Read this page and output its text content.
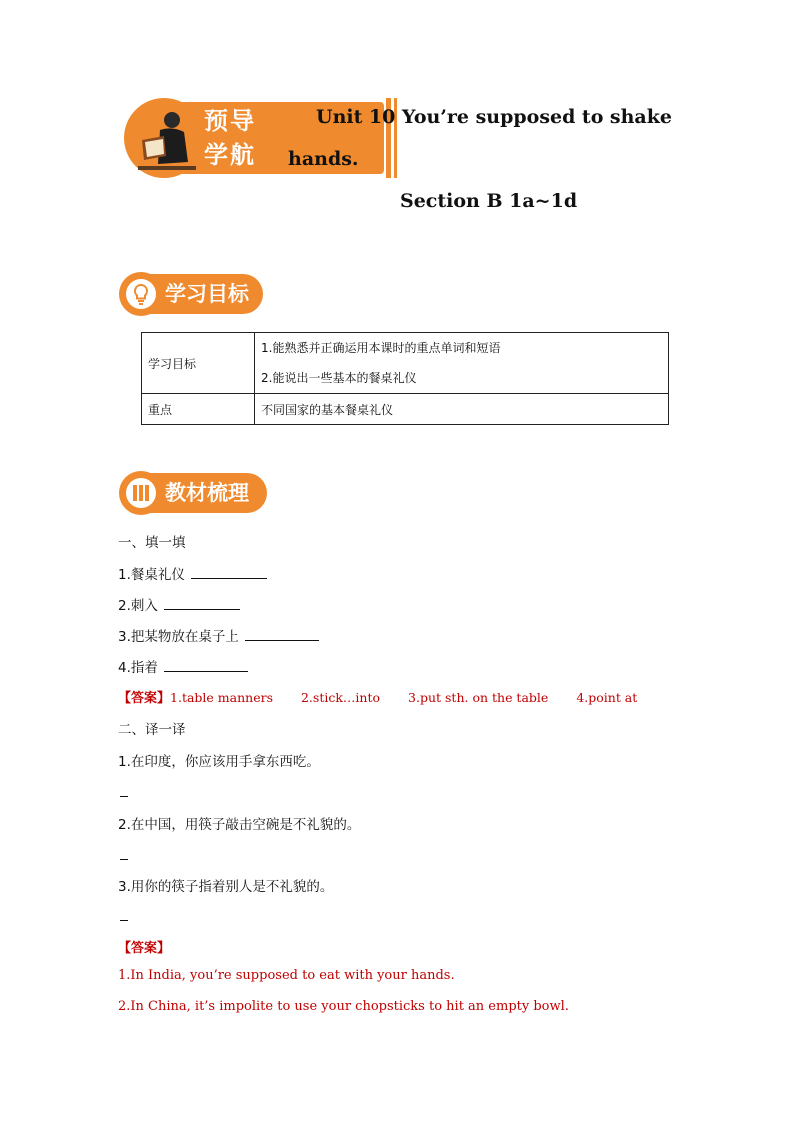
预导
学航
Unit 10 You’re supposed to shake
hands.
Section B 1a~1d
学习目标
学习目标	1.能熟悉并正确运用本课时的重点单词和短语
2.能说出一些基本的餐桌礼仪

重点	不同国家的基本餐桌礼仪
教材梳理
一、填一填
1.餐桌礼仪
2.刺入
3.把某物放在桌子上
4.指着
【答案】1.table manners 2.stick…into 3.put sth. on the table 4.point at
二、译一译
1.在印度，你应该用手拿东西吃。
2.在中国，用筷子敲击空碗是不礼貌的。
3.用你的筷子指着别人是不礼貌的。
【答案】
1.In India, you’re supposed to eat with your hands.
2.In China, it’s impolite to use your chopsticks to hit an empty bowl.
